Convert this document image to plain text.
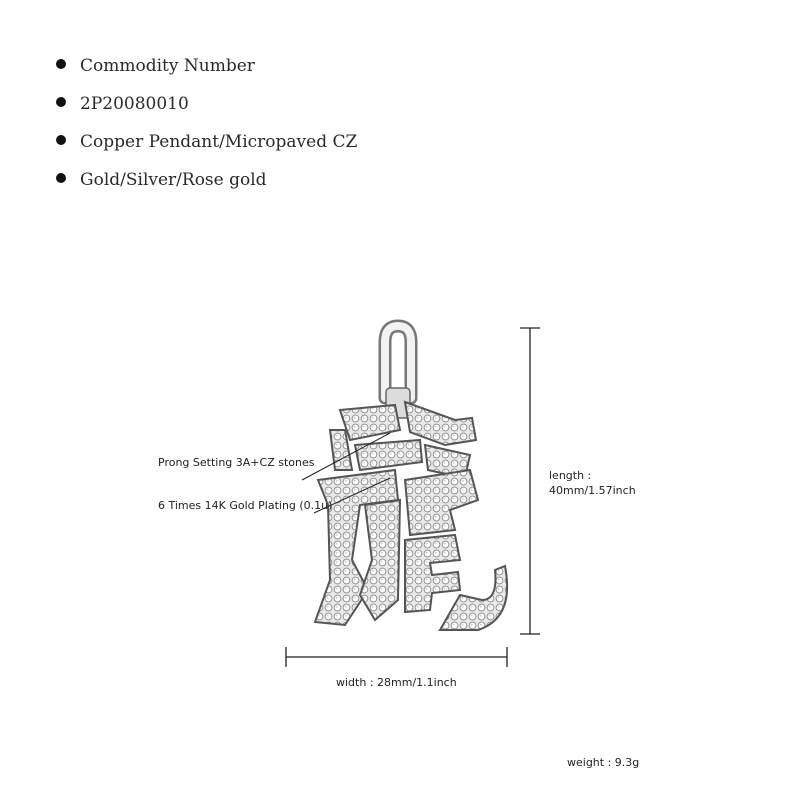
Commodity Number
2P20080010
Copper Pendant/Micropaved CZ
Gold/Silver/Rose gold
Prong Setting 3A+CZ stones
6 Times 14K Gold Plating (0.1u)
length :
40mm/1.57inch
width : 28mm/1.1inch
weight : 9.3g
